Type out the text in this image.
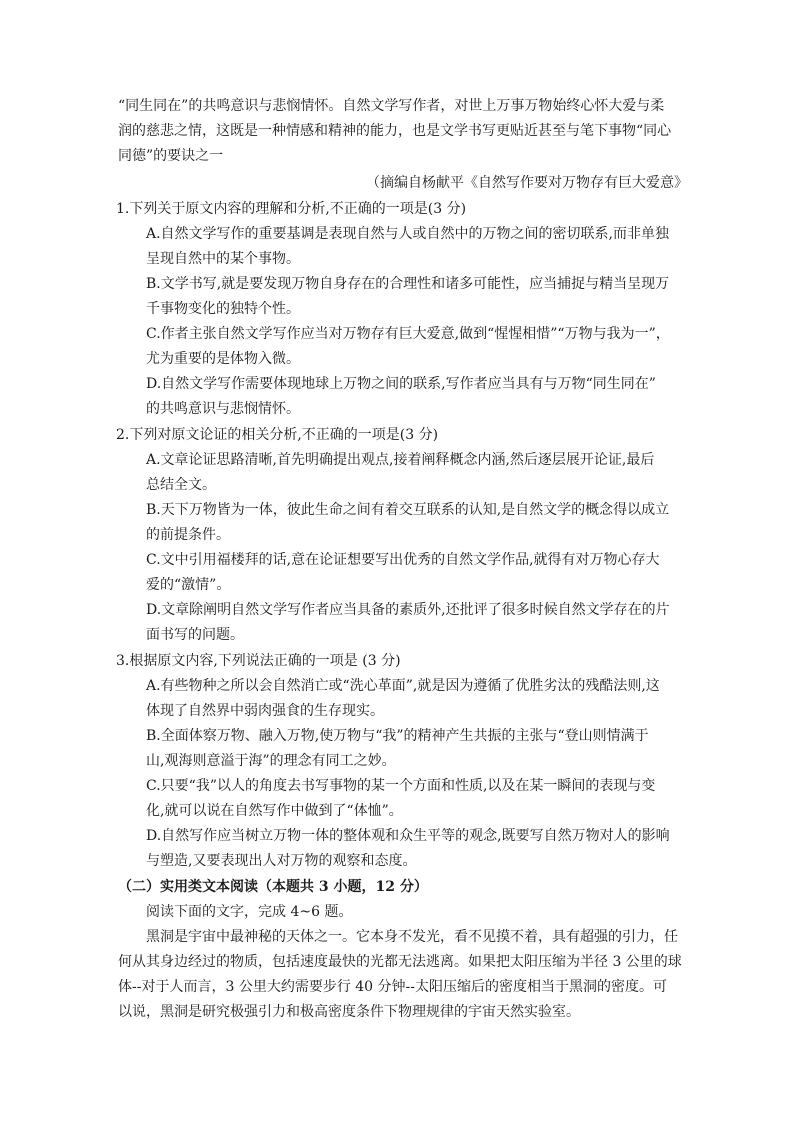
“同生同在”的共鸣意识与悲悯情怀。自然文学写作者，对世上万事万物始终心怀大爱与柔
润的慈悲之情，这既是一种情感和精神的能力，也是文学书写更贴近甚至与笔下事物“同心
同德”的要诀之一
（摘编自杨献平《自然写作要对万物存有巨大爱意》
1.下列关于原文内容的理解和分析,不正确的一项是(3 分)
A.自然文学写作的重要基调是表现自然与人或自然中的万物之间的密切联系,而非单独
呈现自然中的某个事物。
B.文学书写,就是要发现万物自身存在的合理性和诸多可能性，应当捕捉与精当呈现万
千事物变化的独特个性。
C.作者主张自然文学写作应当对万物存有巨大爱意,做到“惺惺相惜”“万物与我为一”，
尤为重要的是体物入微。
D.自然文学写作需要体现地球上万物之间的联系,写作者应当具有与万物“同生同在”
的共鸣意识与悲悯情怀。
2.下列对原文论证的相关分析,不正确的一项是(3 分)
A.文章论证思路清晰,首先明确提出观点,接着阐释概念内涵,然后逐层展开论证,最后
总结全文。
B.天下万物皆为一体，彼此生命之间有着交互联系的认知,是自然文学的概念得以成立
的前提条件。
C.文中引用福楼拜的话,意在论证想要写出优秀的自然文学作品,就得有对万物心存大
爱的“激情”。
D.文章除阐明自然文学写作者应当具备的素质外,还批评了很多时候自然文学存在的片
面书写的问题。
3.根据原文内容,下列说法正确的一项是 (3 分)
A.有些物种之所以会自然消亡或“洗心革面”,就是因为遵循了优胜劣汰的残酷法则,这
体现了自然界中弱肉强食的生存现实。
B.全面体察万物、融入万物,使万物与“我”的精神产生共振的主张与“登山则情满于
山,观海则意溢于海”的理念有同工之妙。
C.只要“我”以人的角度去书写事物的某一个方面和性质,以及在某一瞬间的表现与变
化,就可以说在自然写作中做到了“体恤”。
D.自然写作应当树立万物一体的整体观和众生平等的观念,既要写自然万物对人的影响
与塑造,又要表现出人对万物的观察和态度。
（二）实用类文本阅读（本题共 3 小题，12 分）
阅读下面的文字，完成 4~6 题。
黑洞是宇宙中最神秘的天体之一。它本身不发光，看不见摸不着，具有超强的引力，任
何从其身边经过的物质，包括速度最快的光都无法逃离。如果把太阳压缩为半径 3 公里的球
体--对于人而言，3 公里大约需要步行 40 分钟--太阳压缩后的密度相当于黑洞的密度。可
以说，黑洞是研究极强引力和极高密度条件下物理规律的宇宙天然实验室。
